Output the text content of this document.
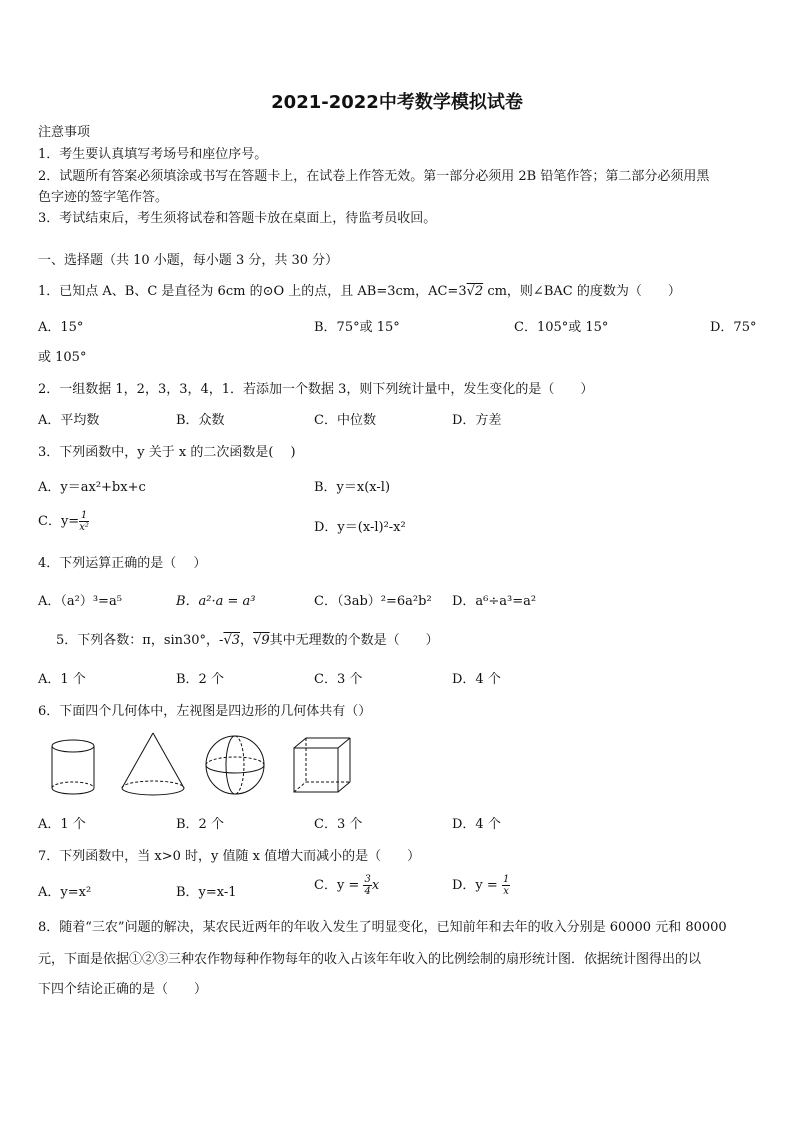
2021-2022中考数学模拟试卷
注意事项
1．考生要认真填写考场号和座位序号。
2．试题所有答案必须填涂或书写在答题卡上，在试卷上作答无效。第一部分必须用 2B 铅笔作答；第二部分必须用黑
色字迹的签字笔作答。
3．考试结束后，考生须将试卷和答题卡放在桌面上，待监考员收回。
一、选择题（共 10 小题，每小题 3 分，共 30 分）
1．已知点 A、B、C 是直径为 6cm 的⊙O 上的点，且 AB=3cm，AC=3√2 cm，则∠BAC 的度数为（　　）
A．15°	B．75°或 15°	C．105°或 15°	D．75°
或 105°
2．一组数据 1，2，3，3，4，1．若添加一个数据 3，则下列统计量中，发生变化的是（　　）
A．平均数	B．众数	C．中位数	D．方差
3．下列函数中，y 关于 x 的二次函数是(　 )
A．y＝ax²+bx+c	B．y＝x(x-l)
C．$y= \frac{1}{\text{x²}}$	D．y＝(x-l)²-x²
4．下列运算正确的是（　 ）
A．（a²）³=a⁵	B．a²·a = a³	C．（3ab）²=6a²b² D．a⁶÷a³=a²
5．下列各数：π，sin30°，-√3，√9其中无理数的个数是（　　）
A．1 个	B．2 个	C．3 个	D．4 个
6．下面四个几何体中，左视图是四边形的几何体共有（）
A．1 个	B．2 个	C．3 个	D．4 个
7．下列函数中，当 x>0 时，y 值随 x 值增大而减小的是（　　）
A．y=x²	B．y=x-1	C．$y = \frac{3}{4}$ x	D．$y = \frac{1}{x}$
8．随着“三农”问题的解决，某农民近两年的年收入发生了明显变化，已知前年和去年的收入分别是 60000 元和 80000
元，下面是依据①②③三种农作物每种作物每年的收入占该年年收入的比例绘制的扇形统计图．依据统计图得出的以
下四个结论正确的是（　　）
